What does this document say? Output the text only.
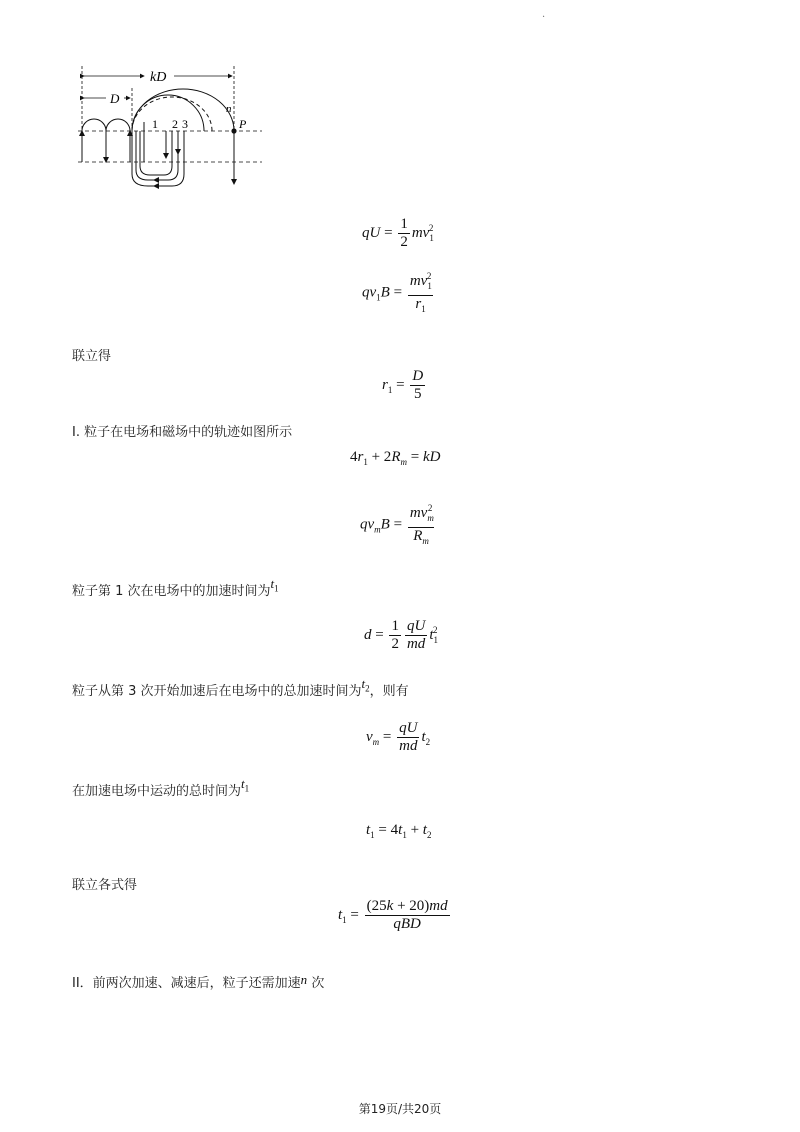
·
kD
D
1 2 3
n
P
qU = $\frac{1}{2} mv_1^2$
$qv_1B = \frac{mv_1^2}{r_1}$
联立得
$r_1 = \frac{D}{5}$
I. 粒子在电场和磁场中的轨迹如图所示
$4r_1 + 2R_m$ = kD
$qv_mB = \frac{mv_m^2}{R_m}$
粒子第 1 次在电场中的加速时间为$t_1$
$d = \frac{1}{2} \frac{qU}{md} t_1^2$
粒子从第 3 次开始加速后在电场中的总加速时间为$t_2$，则有
$v_m = \frac{qU}{md} t_2$
在加速电场中运动的总时间为$t_1$
$t_1 = 4t_1 + t_2$
联立各式得
$t_1 = \frac{(25k + 20)md}{\text{qBD}}$
II．前两次加速、减速后，粒子还需加速n 次
第19页/共20页
